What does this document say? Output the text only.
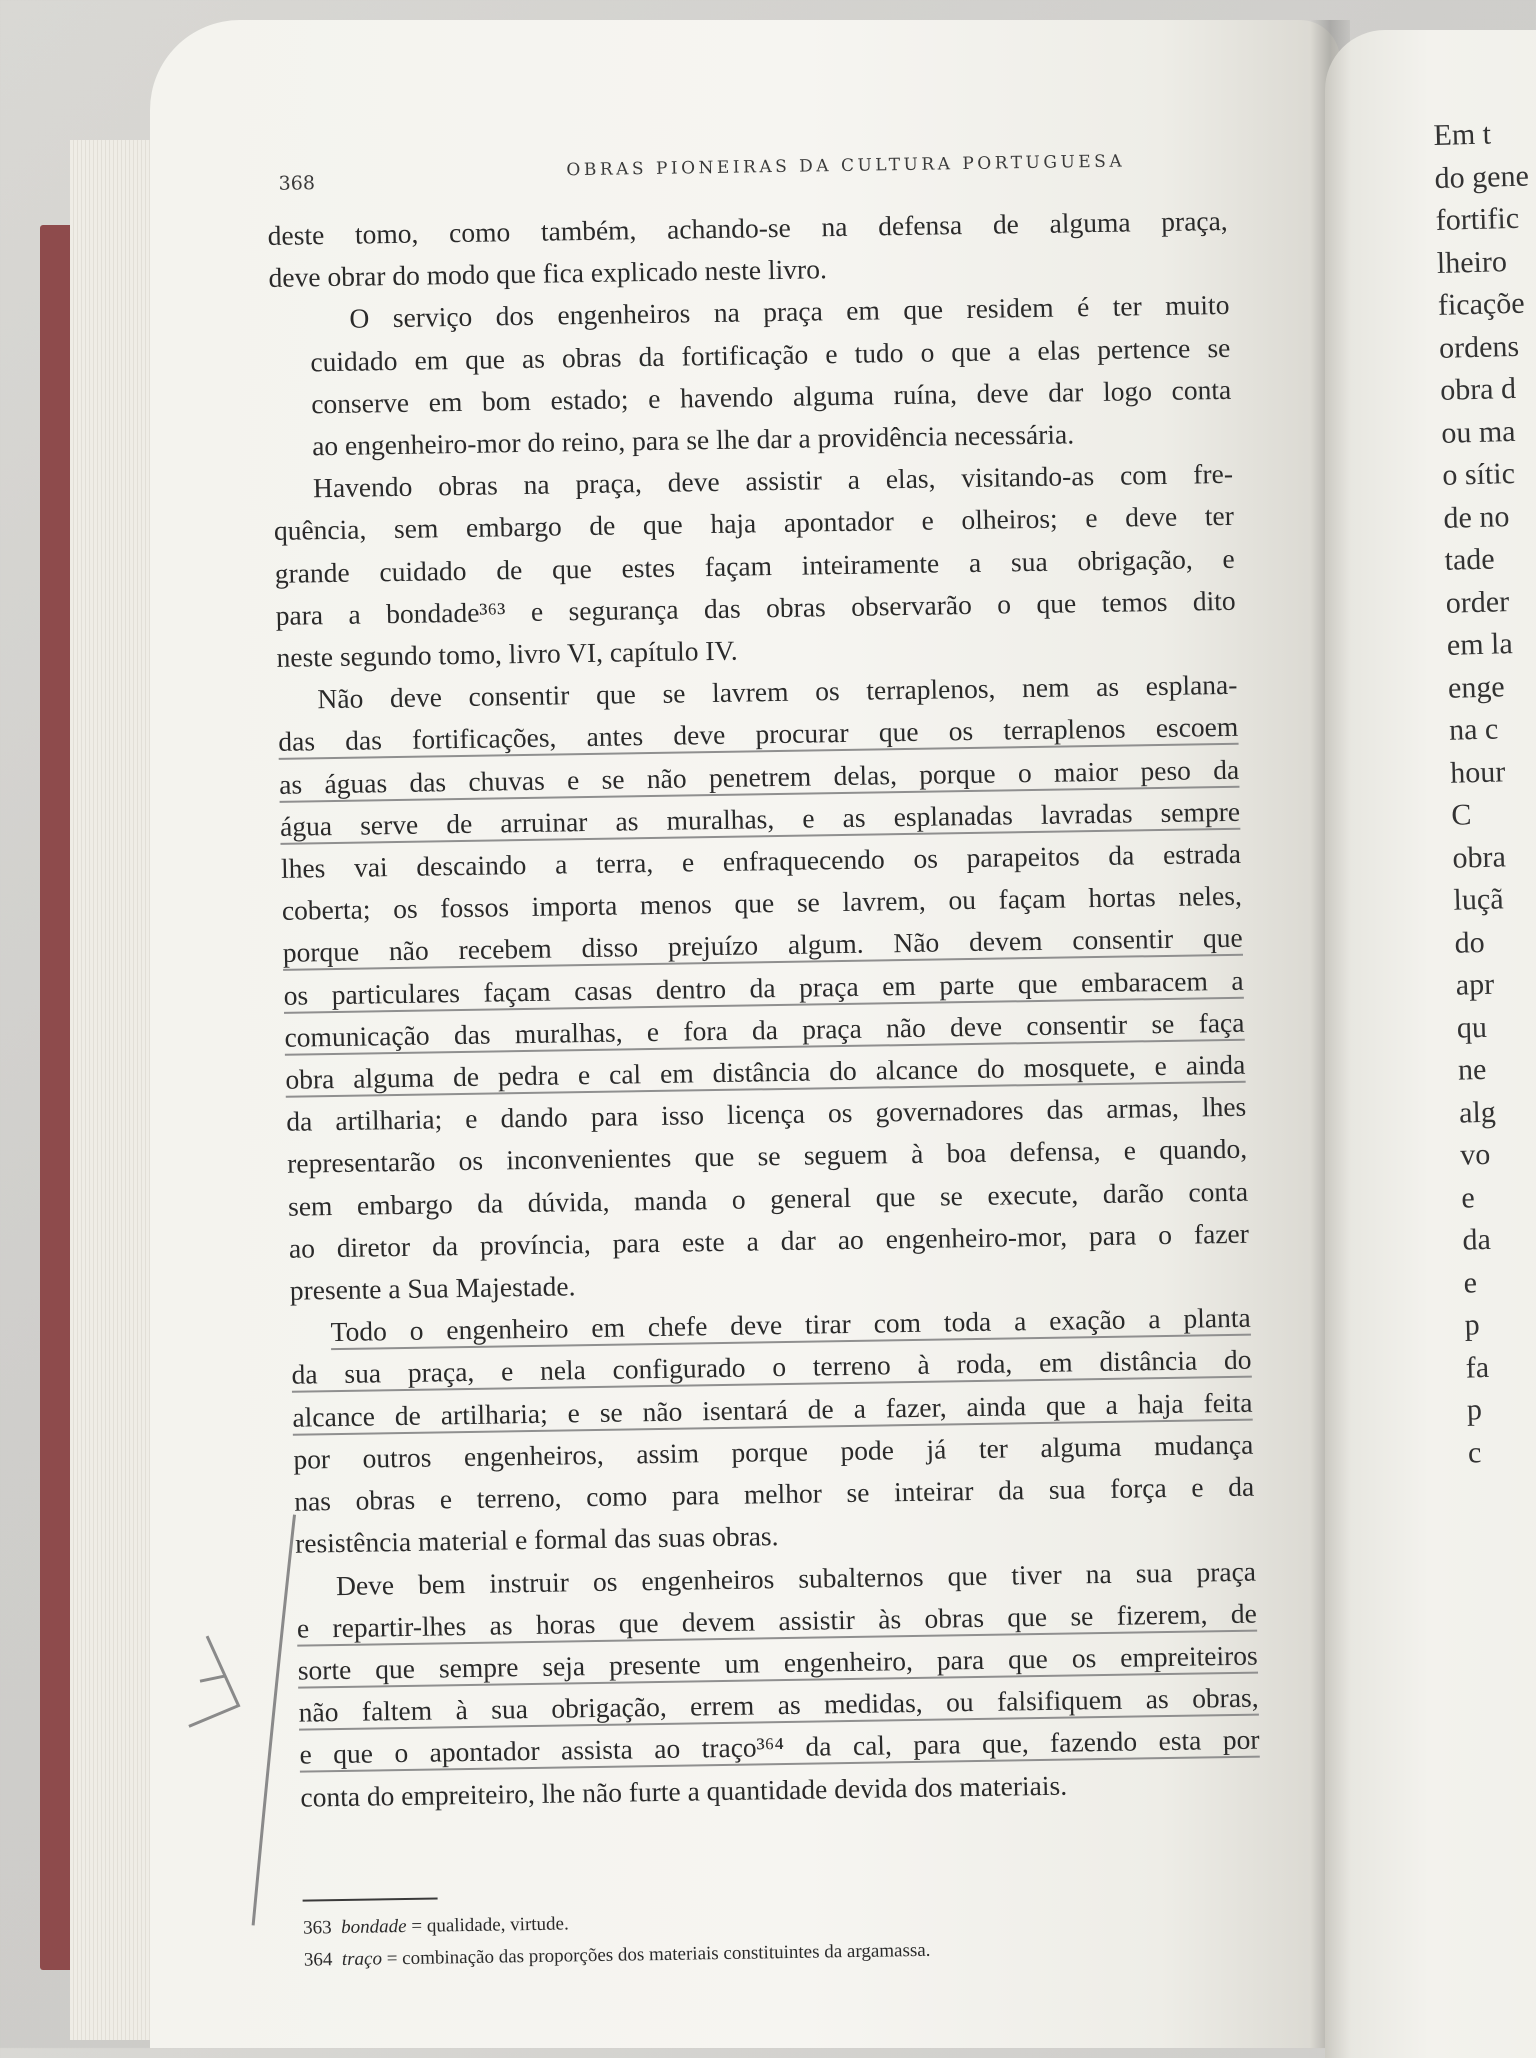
368
OBRAS PIONEIRAS DA CULTURA PORTUGUESA

deste tomo, como também, achando-se na defensa de alguma praça,
deve obrar do modo que fica explicado neste livro.

O serviço dos engenheiros na praça em que residem é ter muito
cuidado em que as obras da fortificação e tudo o que a elas pertence se
conserve em bom estado; e havendo alguma ruína, deve dar logo conta
ao engenheiro-mor do reino, para se lhe dar a providência necessária.

Havendo obras na praça, deve assistir a elas, visitando-as com fre-
quência, sem embargo de que haja apontador e olheiros; e deve ter
grande cuidado de que estes façam inteiramente a sua obrigação, e
para a bondade³⁶³ e segurança das obras observarão o que temos dito
neste segundo tomo, livro VI, capítulo IV.

Não deve consentir que se lavrem os terraplenos, nem as esplana-
das das fortificações, antes deve procurar que os terraplenos escoem
as águas das chuvas e se não penetrem delas, porque o maior peso da
água serve de arruinar as muralhas, e as esplanadas lavradas sempre
lhes vai descaindo a terra, e enfraquecendo os parapeitos da estrada
coberta; os fossos importa menos que se lavrem, ou façam hortas neles,
porque não recebem disso prejuízo algum. Não devem consentir que
os particulares façam casas dentro da praça em parte que embaracem a
comunicação das muralhas, e fora da praça não deve consentir se faça
obra alguma de pedra e cal em distância do alcance do mosquete, e ainda
da artilharia; e dando para isso licença os governadores das armas, lhes
representarão os inconvenientes que se seguem à boa defensa, e quando,
sem embargo da dúvida, manda o general que se execute, darão conta
ao diretor da província, para este a dar ao engenheiro-mor, para o fazer
presente a Sua Majestade.

Todo o engenheiro em chefe deve tirar com toda a exação a planta
da sua praça, e nela configurado o terreno à roda, em distância do
alcance de artilharia; e se não isentará de a fazer, ainda que a haja feita
por outros engenheiros, assim porque pode já ter alguma mudança
nas obras e terreno, como para melhor se inteirar da sua força e da
resistência material e formal das suas obras.

Deve bem instruir os engenheiros subalternos que tiver na sua praça
e repartir-lhes as horas que devem assistir às obras que se fizerem, de
sorte que sempre seja presente um engenheiro, para que os empreiteiros
não faltem à sua obrigação, errem as medidas, ou falsifiquem as obras,
e que o apontador assista ao traço³⁶⁴ da cal, para que, fazendo esta por
conta do empreiteiro, lhe não furte a quantidade devida dos materiais.

363 bondade = qualidade, virtude.
364 traço = combinação das proporções dos materiais constituintes da argamassa.
Em t
do gene
fortific
lheiro
ficaçõe
ordens
obra d
ou ma
o sític
de no
tade
order
em la
enge
na c
hour
C
obra
luçã
do
apr
qu
ne
alg
vo
e
da
e
p
fa
p
c
